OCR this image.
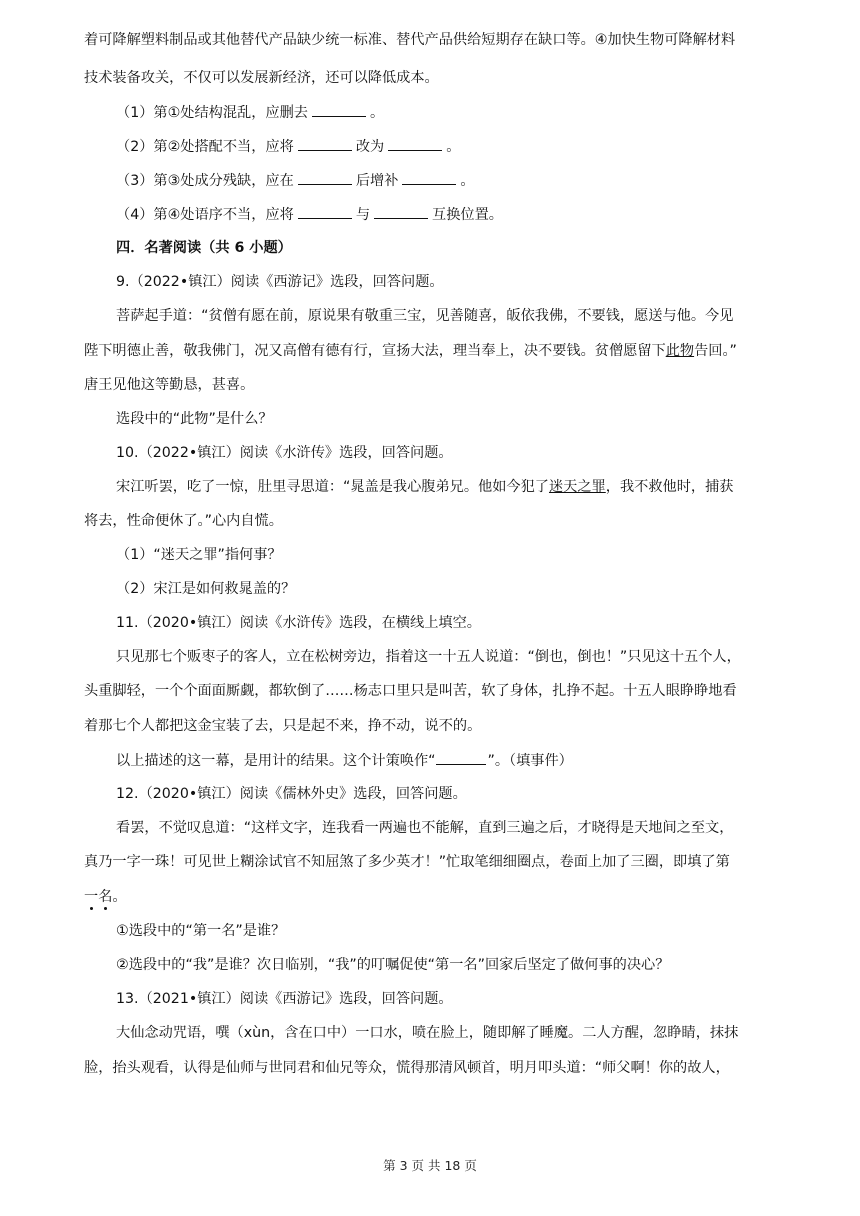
着可降解塑料制品或其他替代产品缺少统一标准、替代产品供给短期存在缺口等。④加快生物可降解材料
技术装备攻关，不仅可以发展新经济，还可以降低成本。
（1）第①处结构混乱，应删去	。
（2）第②处搭配不当，应将	改为	。
（3）第③处成分残缺，应在	后增补	。
（4）第④处语序不当，应将	与	互换位置。
四．名著阅读（共 6 小题）
9.（2022•镇江）阅读《西游记》选段，回答问题。
菩萨起手道：“贫僧有愿在前，原说果有敬重三宝，见善随喜，皈依我佛，不要钱，愿送与他。今见
陛下明德止善，敬我佛门，况又高僧有德有行，宣扬大法，理当奉上，决不要钱。贫僧愿留下此物告回。”
唐王见他这等勤恳，甚喜。
选段中的“此物”是什么？
10.（2022•镇江）阅读《水浒传》选段，回答问题。
宋江听罢，吃了一惊，肚里寻思道：“晁盖是我心腹弟兄。他如今犯了迷天之罪，我不救他时，捕获
将去，性命便休了。”心内自慌。
（1）“迷天之罪”指何事？
（2）宋江是如何救晁盖的？
11.（2020•镇江）阅读《水浒传》选段，在横线上填空。
只见那七个贩枣子的客人，立在松树旁边，指着这一十五人说道：“倒也，倒也！”只见这十五个人，
头重脚轻，一个个面面厮觑，都软倒了……杨志口里只是叫苦，软了身体，扎挣不起。十五人眼睁睁地看
着那七个人都把这金宝装了去，只是起不来，挣不动，说不的。
以上描述的这一幕，是用计的结果。这个计策唤作“	”。（填事件）
12.（2020•镇江）阅读《儒林外史》选段，回答问题。
看罢，不觉叹息道：“这样文字，连我看一两遍也不能解，直到三遍之后，才晓得是天地间之至文，
真乃一字一珠！可见世上糊涂试官不知屈煞了多少英才！”忙取笔细细圈点，卷面上加了三圈，即填了第
一名。
①选段中的“第一名”是谁？
②选段中的“我”是谁？次日临别，“我”的叮嘱促使“第一名”回家后坚定了做何事的决心？
13.（2021•镇江）阅读《西游记》选段，回答问题。
大仙念动咒语，噀（xùn，含在口中）一口水，喷在脸上，随即解了睡魔。二人方醒，忽睁睛，抹抹
脸，抬头观看，认得是仙师与世同君和仙兄等众，慌得那清风顿首，明月叩头道：“师父啊！你的故人，
第 3 页 共 18 页
